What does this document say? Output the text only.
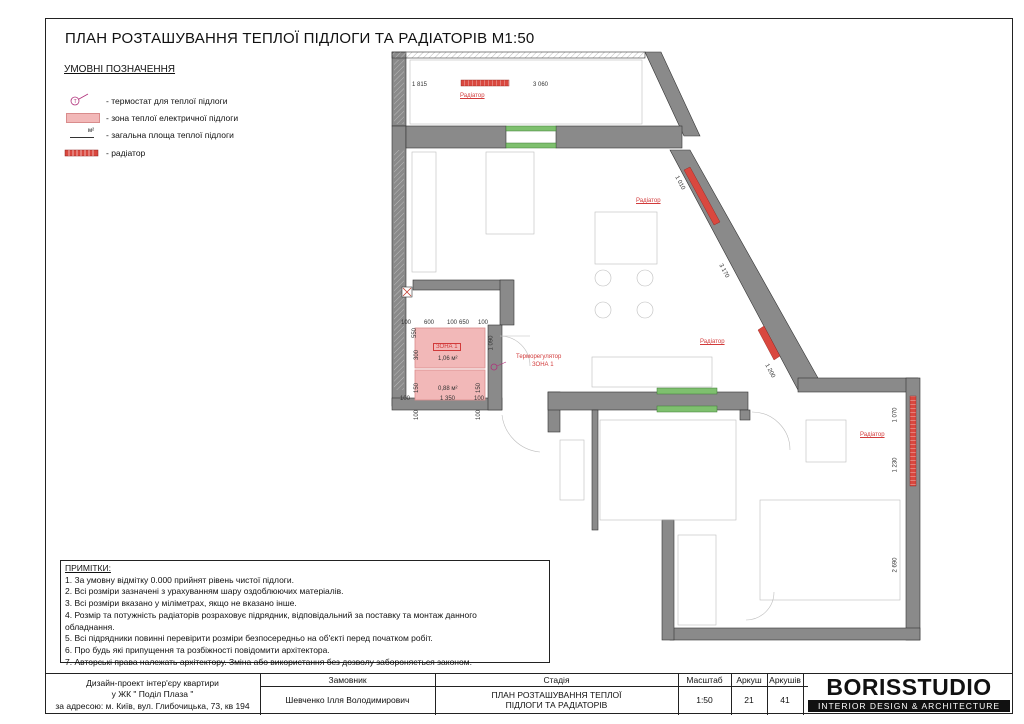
ПЛАН РОЗТАШУВАННЯ ТЕПЛОЇ ПІДЛОГИ ТА РАДІАТОРІВ М1:50
УМОВНІ ПОЗНАЧЕННЯ
T	- термостат для теплої підлоги
- зона теплої електричної підлоги
м² - загальна площа теплої підлоги
- радіатор
1 815	3 060
Радіатор
Радіатор
Радіатор
Радіатор
1 010
3 170
1 200
1 070
1 230
2 690
600	650
100	100	100
100	100
550
1 090
300
1 350
150	150
100	100
ЗОНА 1
1,06 м²
0,88 м²
Терморегулятор
ЗОНА 1
ПРИМІТКИ:
1. За умовну відмітку 0.000 прийнят рівень чистої підлоги.
2. Всі розміри зазначені з урахуванням шару оздоблюючих матеріалів.
3. Всі розміри вказано у міліметрах, якщо не вказано інше.
4. Розмір та потужність радіаторів розраховує підрядник, відповідальний за поставку та монтаж данного
обладнання.
5. Всі підрядники повинні перевірити розміри безпосередньо на об'єкті перед початком робіт.
6. Про будь які припущення та розбіжності повідомити архітектора.
7. Авторські права належать архітектору. Зміна або використання без дозволу забороняється законом.
Дизайн-проект інтер'єру квартири
у ЖК " Поділ Плаза "
за адресою: м. Київ, вул. Глибочицька, 73, кв 194
Замовник
Шевченко Ілля Володимирович
Стадія
ПЛАН РОЗТАШУВАННЯ ТЕПЛОЇ ПІДЛОГИ ТА РАДІАТОРІВ
Масштаб
1:50
Аркуш
21
Аркушів
41	BORISSTUDIO
INTERIOR DESIGN & ARCHITECTURE
